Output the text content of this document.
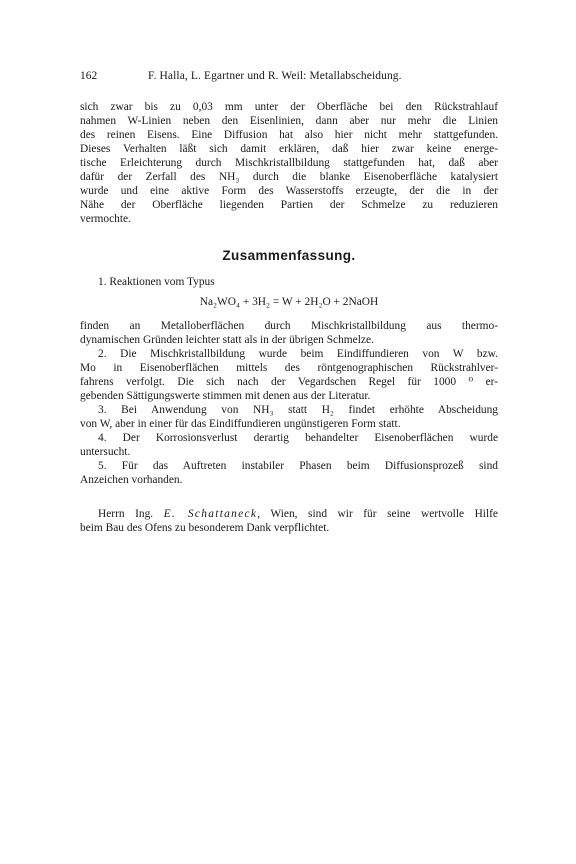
162	F. Halla, L. Egartner und R. Weil: Metallabscheidung.

sich zwar bis zu 0,03 mm unter der Oberfläche bei den Rückstrahlauf
nahmen W-Linien neben den Eisenlinien, dann aber nur mehr die Linien
des reinen Eisens. Eine Diffusion hat also hier nicht mehr stattgefunden.
Dieses Verhalten läßt sich damit erklären, daß hier zwar keine energe-
tische Erleichterung durch Mischkristallbildung stattgefunden hat, daß aber
dafür der Zerfall des NH₃ durch die blanke Eisenoberfläche katalysiert
wurde und eine aktive Form des Wasserstoffs erzeugte, der die in der
Nähe der Oberfläche liegenden Partien der Schmelze zu reduzieren
vermochte.

Zusammenfassung.

1. Reaktionen vom Typus

Na₂WO₄ + 3H₂ = W + 2H₂O + 2NaOH

finden an Metalloberflächen durch Mischkristallbildung aus thermo-
dynamischen Gründen leichter statt als in der übrigen Schmelze.

2. Die Mischkristallbildung wurde beim Eindiffundieren von W bzw.
Mo in Eisenoberflächen mittels des röntgenographischen Rückstrahlver-
fahrens verfolgt. Die sich nach der Vegardschen Regel für 1000 ⁰ er-
gebenden Sättigungswerte stimmen mit denen aus der Literatur.

3. Bei Anwendung von NH₃ statt H₂ findet erhöhte Abscheidung
von W, aber in einer für das Eindiffundieren ungünstigeren Form statt.

4. Der Korrosionsverlust derartig behandelter Eisenoberflächen wurde
untersucht.

5. Für das Auftreten instabiler Phasen beim Diffusionsprozeß sind
Anzeichen vorhanden.

Herrn Ing. E. Schattaneck, Wien, sind wir für seine wertvolle Hilfe
beim Bau des Ofens zu besonderem Dank verpflichtet.
